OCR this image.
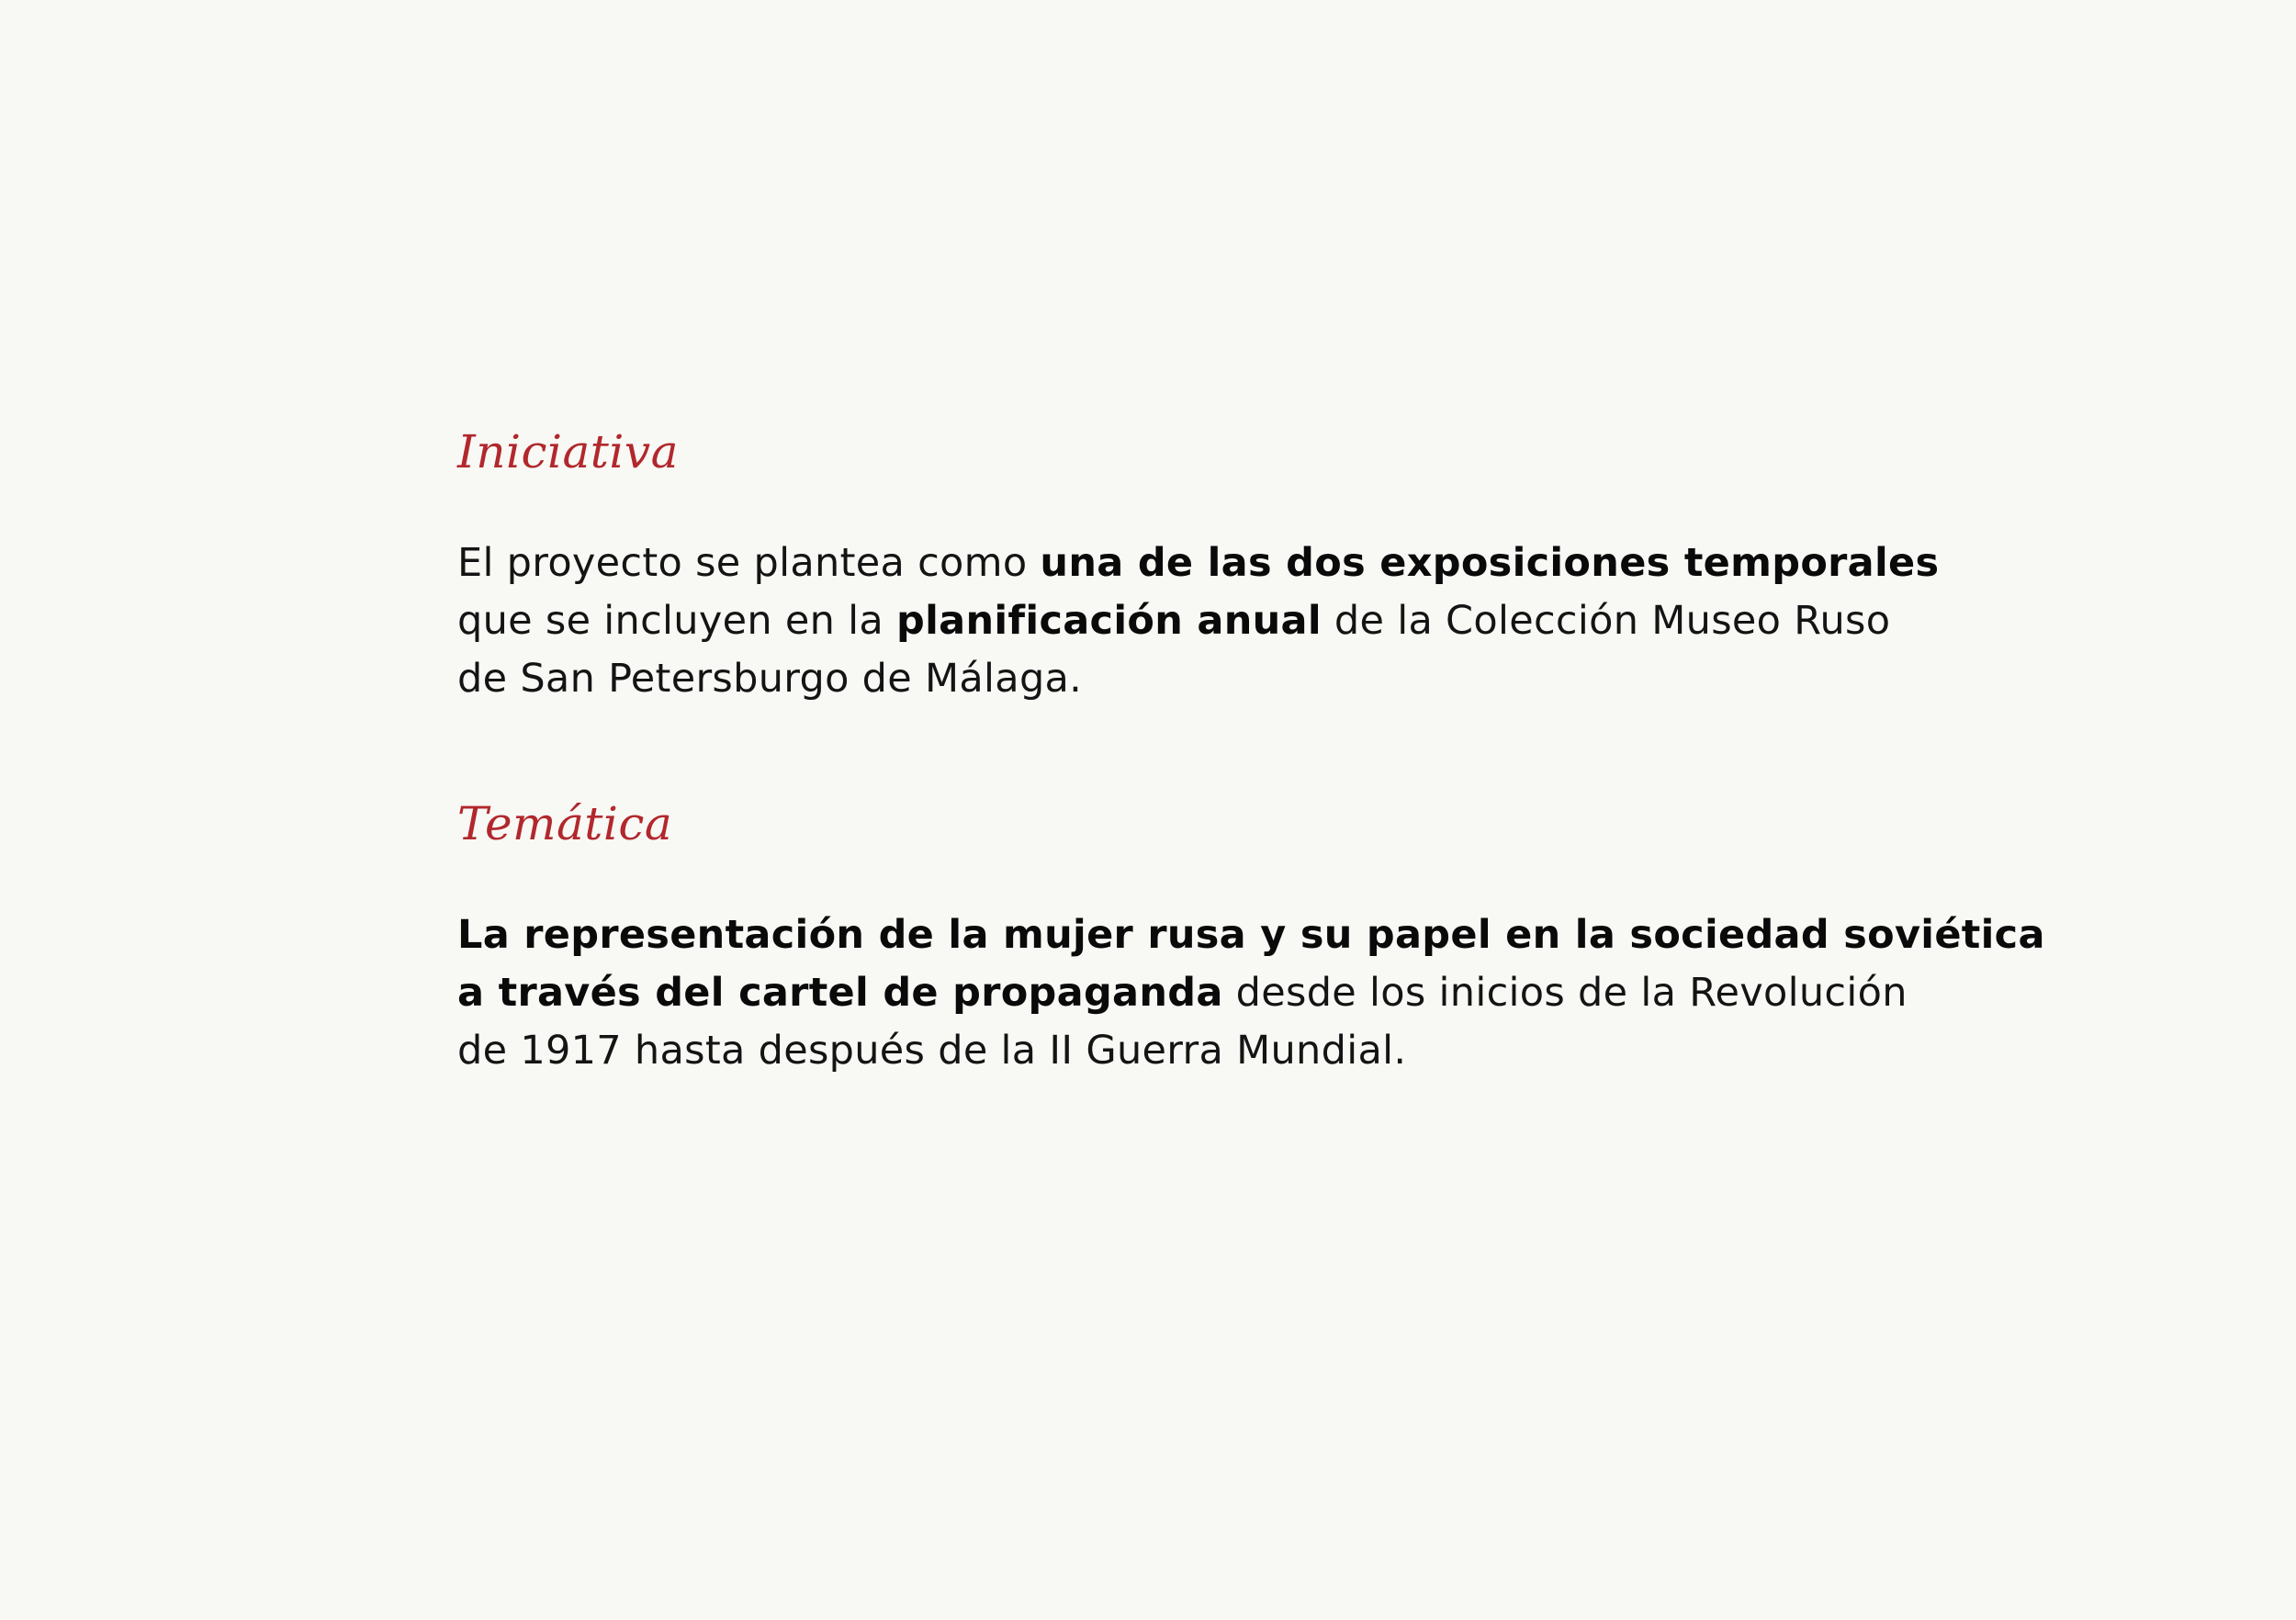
Iniciativa

El proyecto se plantea como una de las dos exposiciones temporales
que se incluyen en la planificación anual de la Colección Museo Ruso
de San Petersburgo de Málaga.

Temática

La representación de la mujer rusa y su papel en la sociedad soviética
a través del cartel de propaganda desde los inicios de la Revolución
de 1917 hasta después de la II Guerra Mundial.
